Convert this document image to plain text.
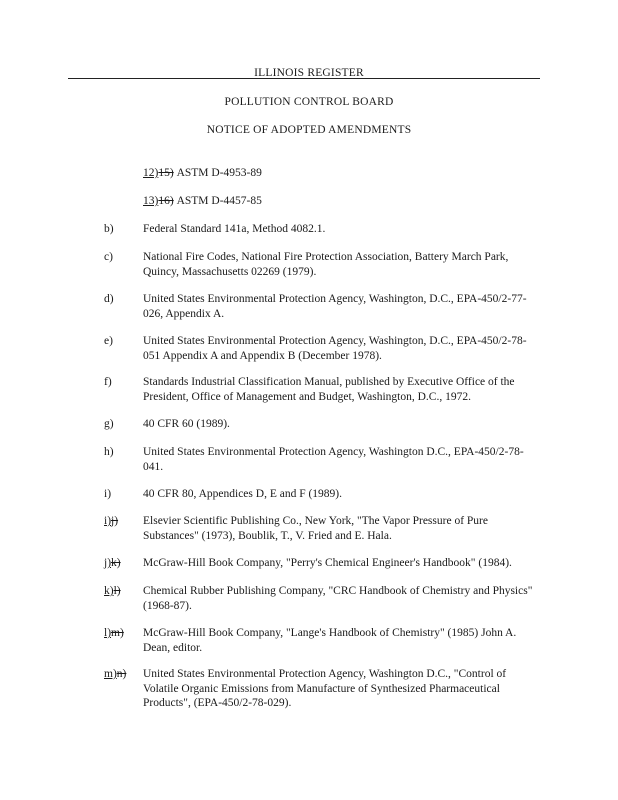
ILLINOIS REGISTER
POLLUTION CONTROL BOARD
NOTICE OF ADOPTED AMENDMENTS
12)15) ASTM D-4953-89
13)16) ASTM D-4457-85
b)	Federal Standard 141a, Method 4082.1.
c)	National Fire Codes, National Fire Protection Association, Battery March Park, Quincy, Massachusetts 02269 (1979).
d)	United States Environmental Protection Agency, Washington, D.C., EPA-450/2-77-026, Appendix A.
e)	United States Environmental Protection Agency, Washington, D.C., EPA-450/2-78-051 Appendix A and Appendix B (December 1978).
f)	Standards Industrial Classification Manual, published by Executive Office of the President, Office of Management and Budget, Washington, D.C., 1972.
g)	40 CFR 60 (1989).
h)	United States Environmental Protection Agency, Washington D.C., EPA-450/2-78-041.
i)	40 CFR 80, Appendices D, E and F (1989).
i)j)	Elsevier Scientific Publishing Co., New York, "The Vapor Pressure of Pure Substances" (1973), Boublik, T., V. Fried and E. Hala.
j)k)	McGraw-Hill Book Company, "Perry's Chemical Engineer's Handbook" (1984).
k)l)	Chemical Rubber Publishing Company, "CRC Handbook of Chemistry and Physics" (1968-87).
l)m)	McGraw-Hill Book Company, "Lange's Handbook of Chemistry" (1985) John A. Dean, editor.
m)n)	United States Environmental Protection Agency, Washington D.C., "Control of Volatile Organic Emissions from Manufacture of Synthesized Pharmaceutical Products", (EPA-450/2-78-029).
